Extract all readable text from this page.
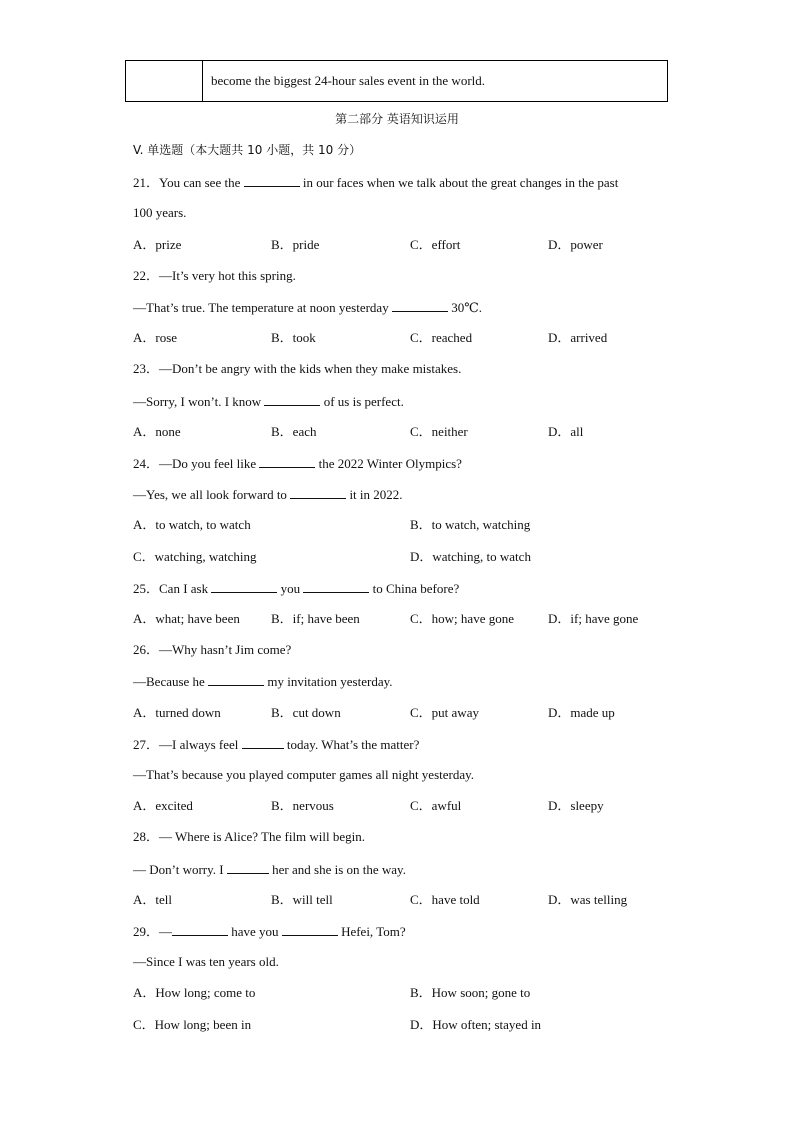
become the biggest 24-hour sales event in the world.
第二部分 英语知识运用
V. 单选题（本大题共 10 小题，共 10 分）
21．You can see the	in our faces when we talk about the great changes in the past
100 years.
A．prize	B．pride	C．effort	D．power
22．—It’s very hot this spring.
—That’s true. The temperature at noon yesterday	30℃.
A．rose	B．took	C．reached	D．arrived
23．—Don’t be angry with the kids when they make mistakes.
—Sorry, I won’t. I know	of us is perfect.
A．none	B．each	C．neither	D．all
24．—Do you feel like	the 2022 Winter Olympics?
—Yes, we all look forward to	it in 2022.
A．to watch, to watch	B．to watch, watching
C．watching, watching	D．watching, to watch
25．Can I ask	you	to China before?
A．what; have been B．if; have been	C．how; have gone	D．if; have gone
26．—Why hasn’t Jim come?
—Because he	my invitation yesterday.
A．turned down	B．cut down	C．put away	D．made up
27．—I always feel	today. What’s the matter?
—That’s because you played computer games all night yesterday.
A．excited	B．nervous	C．awful	D．sleepy
28．— Where is Alice? The film will begin.
— Don’t worry. I	her and she is on the way.
A．tell	B．will tell	C．have told	D．was telling
29．—	have you	Hefei, Tom?
—Since I was ten years old.
A．How long; come to	B．How soon; gone to
C．How long; been in	D．How often; stayed in
